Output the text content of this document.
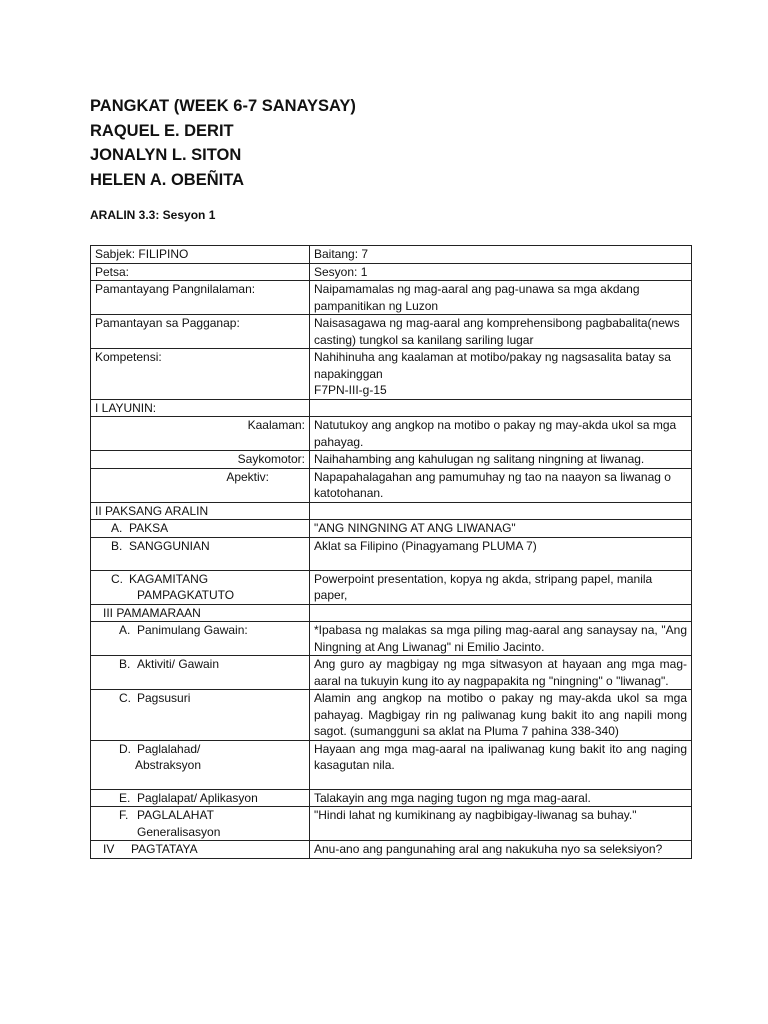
PANGKAT (WEEK 6-7 SANAYSAY)
RAQUEL E. DERIT
JONALYN L. SITON
HELEN A. OBEÑITA
ARALIN 3.3: Sesyon 1
Sabjek: FILIPINO	Baitang: 7
Petsa:	Sesyon: 1
Pamantayang Pangnilalaman:	Naipamamalas ng mag-aaral ang pag-unawa sa mga akdang pampanitikan ng Luzon
Pamantayan sa Pagganap:	Naisasagawa ng mag-aaral ang komprehensibong pagbabalita(news casting) tungkol sa kanilang sariling lugar
Kompetensi:	Nahihinuha ang kaalaman at motibo/pakay ng nagsasalita batay sa napakinggan
F7PN-III-g-15

I LAYUNIN:	
Kaalaman:	Natutukoy ang angkop na motibo o pakay ng may-akda ukol sa mga pahayag.
Saykomotor:	Naihahambing ang kahulugan ng salitang ningning at liwanag.
Apektiv:	Napapahalagahan ang pamumuhay ng tao na naayon sa liwanag o katotohanan.
II PAKSANG ARALIN	
A. PAKSA	"ANG NINGNING AT ANG LIWANAG"
B. SANGGUNIAN	Aklat sa Filipino (Pinagyamang PLUMA 7)
C. KAGAMITANG
PAMPAGKATUTO	Powerpoint presentation, kopya ng akda, stripang papel, manila paper,
III PAMAMARAAN	
A. Panimulang Gawain:	*Ipabasa ng malakas sa mga piling mag-aaral ang sanaysay na, "Ang Ningning at Ang Liwanag" ni Emilio Jacinto.
B. Aktiviti/ Gawain	Ang guro ay magbigay ng mga sitwasyon at hayaan ang mga mag-aaral na tukuyin kung ito ay nagpapakita ng "ningning" o "liwanag".
C. Pagsusuri	Alamin ang angkop na motibo o pakay ng may-akda ukol sa mga pahayag. Magbigay rin ng paliwanag kung bakit ito ang napili mong sagot. (sumangguni sa aklat na Pluma 7 pahina 338-340)
D. Paglalahad/
Abstraksyon	Hayaan ang mga mag-aaral na ipaliwanag kung bakit ito ang naging kasagutan nila.
E. Paglalapat/ Aplikasyon	Talakayin ang mga naging tugon ng mga mag-aaral.
F. PAGLALAHAT
Generalisasyon	"Hindi lahat ng kumikinang ay nagbibigay-liwanag sa buhay."
IV PAGTATAYA	Anu-ano ang pangunahing aral ang nakukuha nyo sa seleksiyon?
